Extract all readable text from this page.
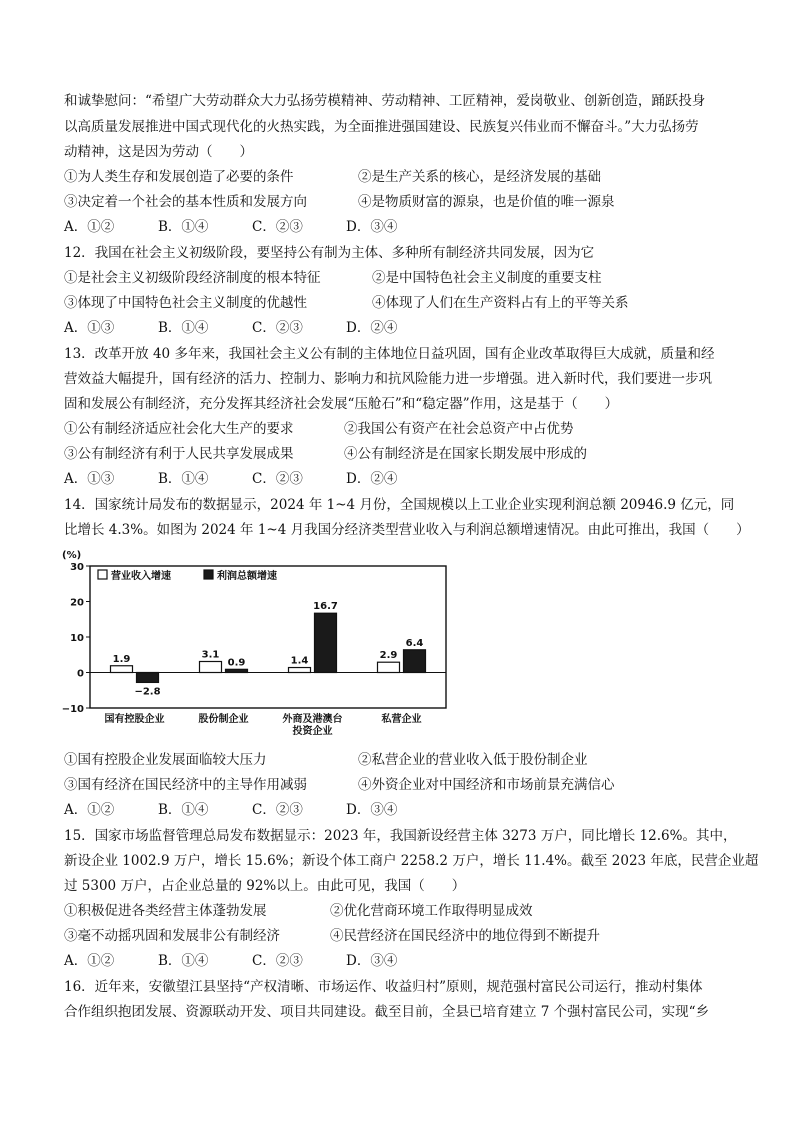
和诚挚慰问：“希望广大劳动群众大力弘扬劳模精神、劳动精神、工匠精神，爱岗敬业、创新创造，踊跃投身
以高质量发展推进中国式现代化的火热实践，为全面推进强国建设、民族复兴伟业而不懈奋斗。”大力弘扬劳
动精神，这是因为劳动（　　）
①为人类生存和发展创造了必要的条件	②是生产关系的核心，是经济发展的基础
③决定着一个社会的基本性质和发展方向	④是物质财富的源泉，也是价值的唯一源泉
A．①②	B．①④	C．②③	D．③④
12．我国在社会主义初级阶段，要坚持公有制为主体、多种所有制经济共同发展，因为它
①是社会主义初级阶段经济制度的根本特征	②是中国特色社会主义制度的重要支柱
③体现了中国特色社会主义制度的优越性	④体现了人们在生产资料占有上的平等关系
A．①③	B．①④	C．②③	D．②④
13．改革开放 40 多年来，我国社会主义公有制的主体地位日益巩固，国有企业改革取得巨大成就，质量和经
营效益大幅提升，国有经济的活力、控制力、影响力和抗风险能力进一步增强。进入新时代，我们要进一步巩
固和发展公有制经济，充分发挥其经济社会发展“压舱石”和“稳定器”作用，这是基于（　　）
①公有制经济适应社会化大生产的要求	②我国公有资产在社会总资产中占优势
③公有制经济有利于人民共享发展成果	④公有制经济是在国家长期发展中形成的
A．①③	B．①④	C．②③	D．②④
14．国家统计局发布的数据显示，2024 年 1~4 月份，全国规模以上工业企业实现利润总额 20946.9 亿元，同
比增长 4.3%。如图为 2024 年 1~4 月我国分经济类型营业收入与利润总额增速情况。由此可推出，我国（　　）
(%)
30
20
10
0
−10
1.9
−2.8
国有控股企业
3.1
0.9
股份制企业
1.4
16.7
外商及港澳台
投资企业
2.9
6.4
私营企业
营业收入增速	利润总额增速
①国有控股企业发展面临较大压力	②私营企业的营业收入低于股份制企业
③国有经济在国民经济中的主导作用减弱	④外资企业对中国经济和市场前景充满信心
A．①②	B．①④	C．②③	D．③④
15．国家市场监督管理总局发布数据显示：2023 年，我国新设经营主体 3273 万户，同比增长 12.6%。其中，
新设企业 1002.9 万户，增长 15.6%；新设个体工商户 2258.2 万户，增长 11.4%。截至 2023 年底，民营企业超
过 5300 万户，占企业总量的 92%以上。由此可见，我国（　　）
①积极促进各类经营主体蓬勃发展	②优化营商环境工作取得明显成效
③毫不动摇巩固和发展非公有制经济	④民营经济在国民经济中的地位得到不断提升
A．①②	B．①④	C．②③	D．③④
16．近年来，安徽望江县坚持“产权清晰、市场运作、收益归村”原则，规范强村富民公司运行，推动村集体
合作组织抱团发展、资源联动开发、项目共同建设。截至目前，全县已培育建立 7 个强村富民公司，实现“乡
